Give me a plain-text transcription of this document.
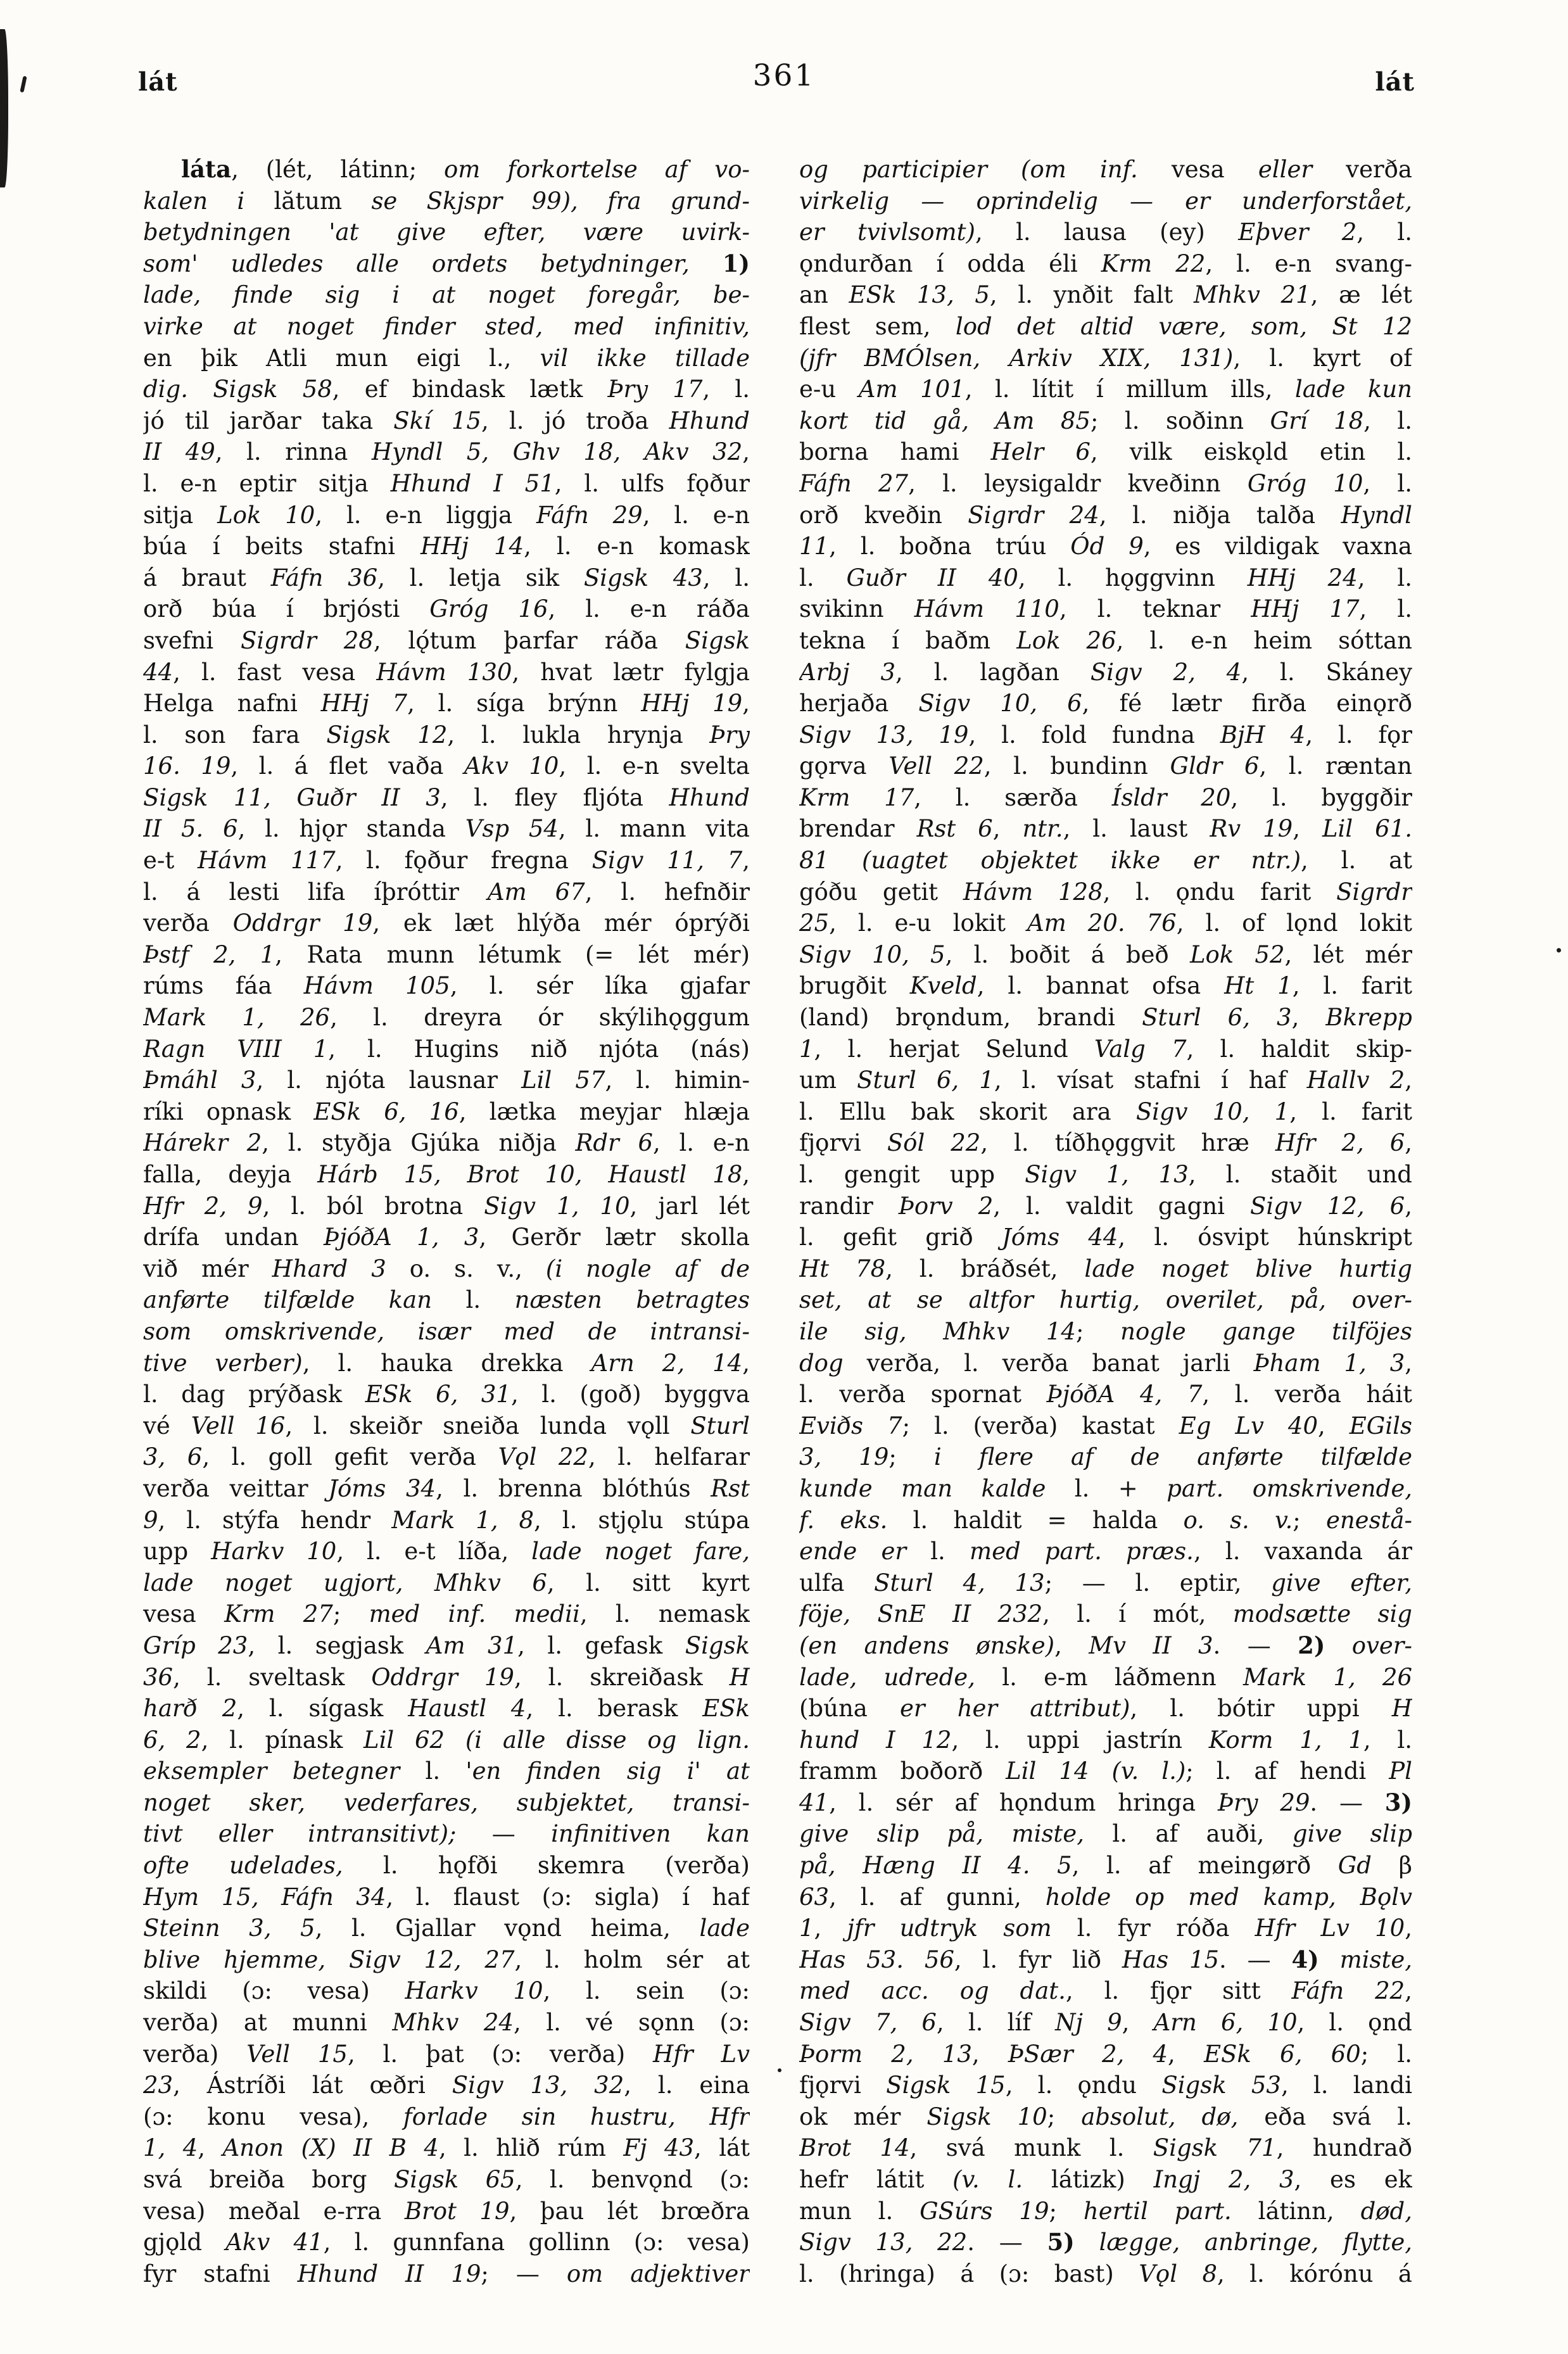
lát	361	lát
láta, (lét, látinn; om forkortelse af vo-
kalen i lătum se Skjspr 99), fra grund-
betydningen 'at give efter, være uvirk-
som' udledes alle ordets betydninger, 1)
lade, finde sig i at noget foregår, be-
virke at noget finder sted, med infinitiv,
en þik Atli mun eigi l., vil ikke tillade
dig. Sigsk 58, ef bindask lætk Þry 17, l.
jó til jarðar taka Skí 15, l. jó troða Hhund
II 49, l. rinna Hyndl 5, Ghv 18, Akv 32,
l. e-n eptir sitja Hhund I 51, l. ulfs fǫður
sitja Lok 10, l. e-n liggja Fáfn 29, l. e-n
búa í beits stafni HHj 14, l. e-n komask
á braut Fáfn 36, l. letja sik Sigsk 43, l.
orð búa í brjósti Gróg 16, l. e-n ráða
svefni Sigrdr 28, lǫ́tum þarfar ráða Sigsk
44, l. fast vesa Hávm 130, hvat lætr fylgja
Helga nafni HHj 7, l. síga brýnn HHj 19,
l. son fara Sigsk 12, l. lukla hrynja Þry
16. 19, l. á flet vaða Akv 10, l. e-n svelta
Sigsk 11, Guðr II 3, l. fley fljóta Hhund
II 5. 6, l. hjǫr standa Vsp 54, l. mann vita
e-t Hávm 117, l. fǫður fregna Sigv 11, 7,
l. á lesti lifa íþróttir Am 67, l. hefnðir
verða Oddrgr 19, ek læt hlýða mér óprýði
Þstf 2, 1, Rata munn létumk (= lét mér)
rúms fáa Hávm 105, l. sér líka gjafar
Mark 1, 26, l. dreyra ór skýlihǫggum
Ragn VIII 1, l. Hugins nið njóta (nás)
Þmáhl 3, l. njóta lausnar Lil 57, l. himin-
ríki opnask ESk 6, 16, lætka meyjar hlæja
Hárekr 2, l. styðja Gjúka niðja Rdr 6, l. e-n
falla, deyja Hárb 15, Brot 10, Haustl 18,
Hfr 2, 9, l. ból brotna Sigv 1, 10, jarl lét
drífa undan ÞjóðA 1, 3, Gerðr lætr skolla
við mér Hhard 3 o. s. v., (i nogle af de
anførte tilfælde kan l. næsten betragtes
som omskrivende, især med de intransi-
tive verber), l. hauka drekka Arn 2, 14,
l. dag prýðask ESk 6, 31, l. (goð) byggva
vé Vell 16, l. skeiðr sneiða lunda vǫll Sturl
3, 6, l. goll gefit verða Vǫl 22, l. helfarar
verða veittar Jóms 34, l. brenna blóthús Rst
9, l. stýfa hendr Mark 1, 8, l. stjǫlu stúpa
upp Harkv 10, l. e-t líða, lade noget fare,
lade noget ugjort, Mhkv 6, l. sitt kyrt
vesa Krm 27; med inf. medii, l. nemask
Gríp 23, l. segjask Am 31, l. gefask Sigsk
36, l. sveltask Oddrgr 19, l. skreiðask H
harð 2, l. sígask Haustl 4, l. berask ESk
6, 2, l. pínask Lil 62 (i alle disse og lign.
eksempler betegner l. 'en finden sig i' at
noget sker, vederfares, subjektet, transi-
tivt eller intransitivt); — infinitiven kan
ofte udelades, l. hǫfði skemra (verða)
Hym 15, Fáfn 34, l. flaust (ɔ: sigla) í haf
Steinn 3, 5, l. Gjallar vǫnd heima, lade
blive hjemme, Sigv 12, 27, l. holm sér at
skildi (ɔ: vesa) Harkv 10, l. sein (ɔ:
verða) at munni Mhkv 24, l. vé sǫnn (ɔ:
verða) Vell 15, l. þat (ɔ: verða) Hfr Lv
23, Ástríði lát œðri Sigv 13, 32, l. eina
(ɔ: konu vesa), forlade sin hustru, Hfr
1, 4, Anon (X) II B 4, l. hlið rúm Fj 43, lát
svá breiða borg Sigsk 65, l. benvǫnd (ɔ:
vesa) meðal e-rra Brot 19, þau lét brœðra
gjǫld Akv 41, l. gunnfana gollinn (ɔ: vesa)
fyr stafni Hhund II 19; — om adjektiver
og participier (om inf. vesa eller verða
virkelig — oprindelig — er underforstået,
er tvivlsomt), l. lausa (ey) Eþver 2, l.
ǫndurðan í odda éli Krm 22, l. e-n svang-
an ESk 13, 5, l. ynðit falt Mhkv 21, æ lét
flest sem, lod det altid være, som, St 12
(jfr BMÓlsen, Arkiv XIX, 131), l. kyrt of
e-u Am 101, l. lítit í millum ills, lade kun
kort tid gå, Am 85; l. soðinn Grí 18, l.
borna hami Helr 6, vilk eiskǫld etin l.
Fáfn 27, l. leysigaldr kveðinn Gróg 10, l.
orð kveðin Sigrdr 24, l. niðja talða Hyndl
11, l. boðna trúu Ód 9, es vildigak vaxna
l. Guðr II 40, l. hǫggvinn HHj 24, l.
svikinn Hávm 110, l. teknar HHj 17, l.
tekna í baðm Lok 26, l. e-n heim sóttan
Arbj 3, l. lagðan Sigv 2, 4, l. Skáney
herjaða Sigv 10, 6, fé lætr firða einǫrð
Sigv 13, 19, l. fold fundna BjH 4, l. fǫr
gǫrva Vell 22, l. bundinn Gldr 6, l. ræntan
Krm 17, l. særða Ísldr 20, l. byggðir
brendar Rst 6, ntr., l. laust Rv 19, Lil 61.
81 (uagtet objektet ikke er ntr.), l. at
góðu getit Hávm 128, l. ǫndu farit Sigrdr
25, l. e-u lokit Am 20. 76, l. of lǫnd lokit
Sigv 10, 5, l. boðit á beð Lok 52, lét mér
brugðit Kveld, l. bannat ofsa Ht 1, l. farit
(land) brǫndum, brandi Sturl 6, 3, Bkrepp
1, l. herjat Selund Valg 7, l. haldit skip-
um Sturl 6, 1, l. vísat stafni í haf Hallv 2,
l. Ellu bak skorit ara Sigv 10, 1, l. farit
fjǫrvi Sól 22, l. tíðhǫggvit hræ Hfr 2, 6,
l. gengit upp Sigv 1, 13, l. staðit und
randir Þorv 2, l. valdit gagni Sigv 12, 6,
l. gefit grið Jóms 44, l. ósvipt húnskript
Ht 78, l. bráðsét, lade noget blive hurtig
set, at se altfor hurtig, overilet, på, over-
ile sig, Mhkv 14; nogle gange tilföjes
dog verða, l. verða banat jarli Þham 1, 3,
l. verða spornat ÞjóðA 4, 7, l. verða háit
Eviðs 7; l. (verða) kastat Eg Lv 40, EGils
3, 19; i flere af de anførte tilfælde
kunde man kalde l. + part. omskrivende,
f. eks. l. haldit = halda o. s. v.; enestå-
ende er l. med part. præs., l. vaxanda ár
ulfa Sturl 4, 13; — l. eptir, give efter,
föje, SnE II 232, l. í mót, modsætte sig
(en andens ønske), Mv II 3. — 2) over-
lade, udrede, l. e-m láðmenn Mark 1, 26
(búna er her attribut), l. bótir uppi H
hund I 12, l. uppi jastrín Korm 1, 1, l.
framm boðorð Lil 14 (v. l.); l. af hendi Pl
41, l. sér af hǫndum hringa Þry 29. — 3)
give slip på, miste, l. af auði, give slip
på, Hæng II 4. 5, l. af meingørð Gd β
63, l. af gunni, holde op med kamp, Bǫlv
1, jfr udtryk som l. fyr róða Hfr Lv 10,
Has 53. 56, l. fyr lið Has 15. — 4) miste,
med acc. og dat., l. fjǫr sitt Fáfn 22,
Sigv 7, 6, l. líf Nj 9, Arn 6, 10, l. ǫnd
Þorm 2, 13, ÞSær 2, 4, ESk 6, 60; l.
fjǫrvi Sigsk 15, l. ǫndu Sigsk 53, l. landi
ok mér Sigsk 10; absolut, dø, eða svá l.
Brot 14, svá munk l. Sigsk 71, hundrað
hefr látit (v. l. látizk) Ingj 2, 3, es ek
mun l. GSúrs 19; hertil part. látinn, død,
Sigv 13, 22. — 5) lægge, anbringe, flytte,
l. (hringa) á (ɔ: bast) Vǫl 8, l. kórónu á
